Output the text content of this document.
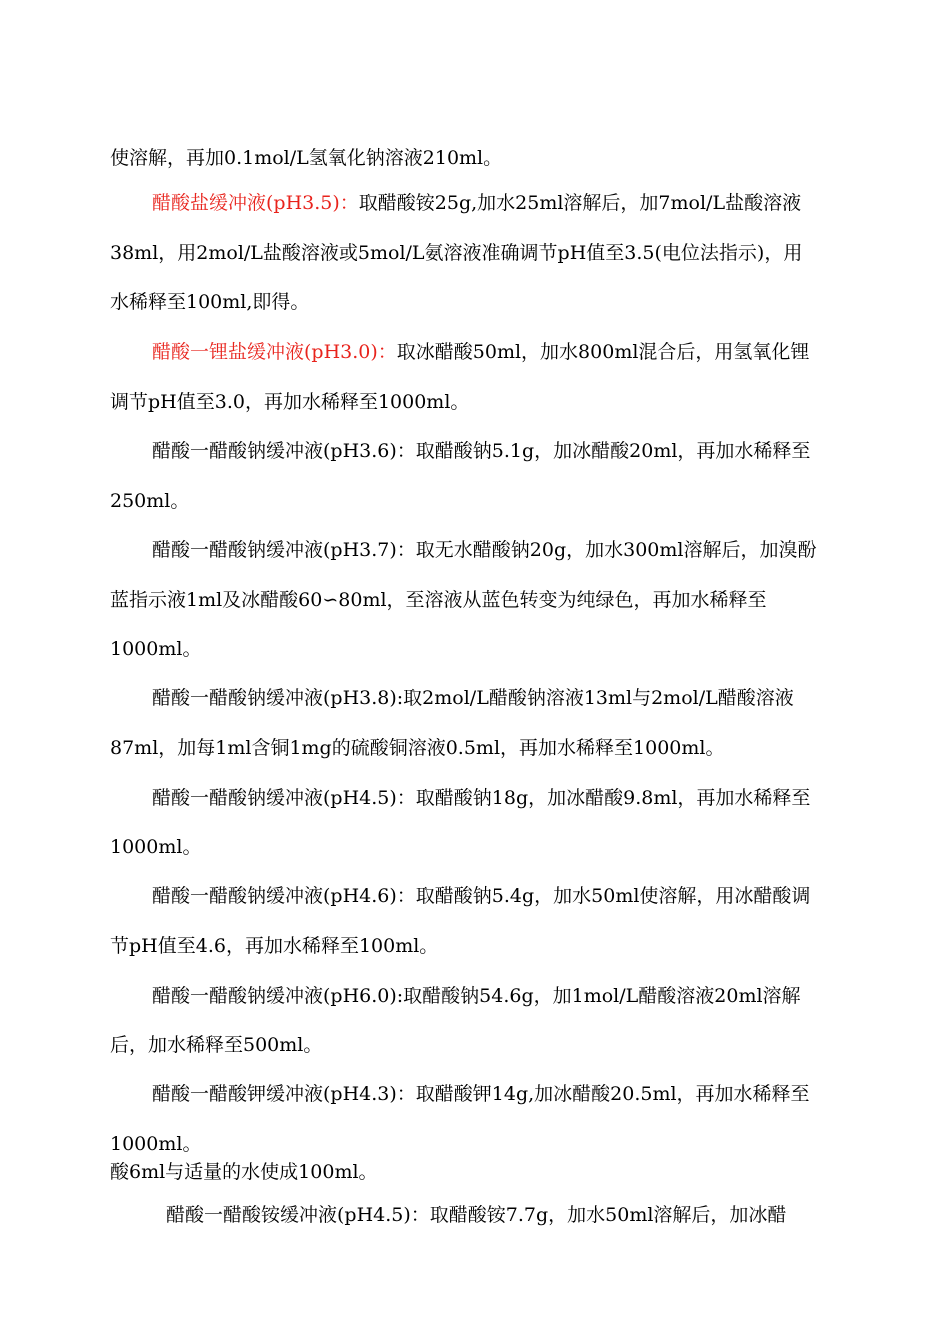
使溶解，再加0.1mol/L氢氧化钠溶液210ml。
醋酸盐缓冲液(pH3.5)：取醋酸铵25g,加水25ml溶解后，加7mol/L盐酸溶液
38ml，用2mol/L盐酸溶液或5mol/L氨溶液准确调节pH值至3.5(电位法指示)，用
水稀释至100ml,即得。
醋酸一锂盐缓冲液(pH3.0)：取冰醋酸50ml，加水800ml混合后，用氢氧化锂
调节pH值至3.0，再加水稀释至1000ml。
醋酸一醋酸钠缓冲液(pH3.6)：取醋酸钠5.1g，加冰醋酸20ml，再加水稀释至
250ml。
醋酸一醋酸钠缓冲液(pH3.7)：取无水醋酸钠20g，加水300ml溶解后，加溴酚
蓝指示液1ml及冰醋酸60∽80ml，至溶液从蓝色转变为纯绿色，再加水稀释至
1000ml。
醋酸一醋酸钠缓冲液(pH3.8):取2mol/L醋酸钠溶液13ml与2mol/L醋酸溶液
87ml，加每1ml含铜1mg的硫酸铜溶液0.5ml，再加水稀释至1000ml。
醋酸一醋酸钠缓冲液(pH4.5)：取醋酸钠18g，加冰醋酸9.8ml，再加水稀释至
1000ml。
醋酸一醋酸钠缓冲液(pH4.6)：取醋酸钠5.4g，加水50ml使溶解，用冰醋酸调
节pH值至4.6，再加水稀释至100ml。
醋酸一醋酸钠缓冲液(pH6.0):取醋酸钠54.6g，加1mol/L醋酸溶液20ml溶解
后，加水稀释至500ml。
醋酸一醋酸钾缓冲液(pH4.3)：取醋酸钾14g,加冰醋酸20.5ml，再加水稀释至
1000ml。
酸6ml与适量的水使成100ml。
醋酸一醋酸铵缓冲液(pH4.5)：取醋酸铵7.7g，加水50ml溶解后，加冰醋
